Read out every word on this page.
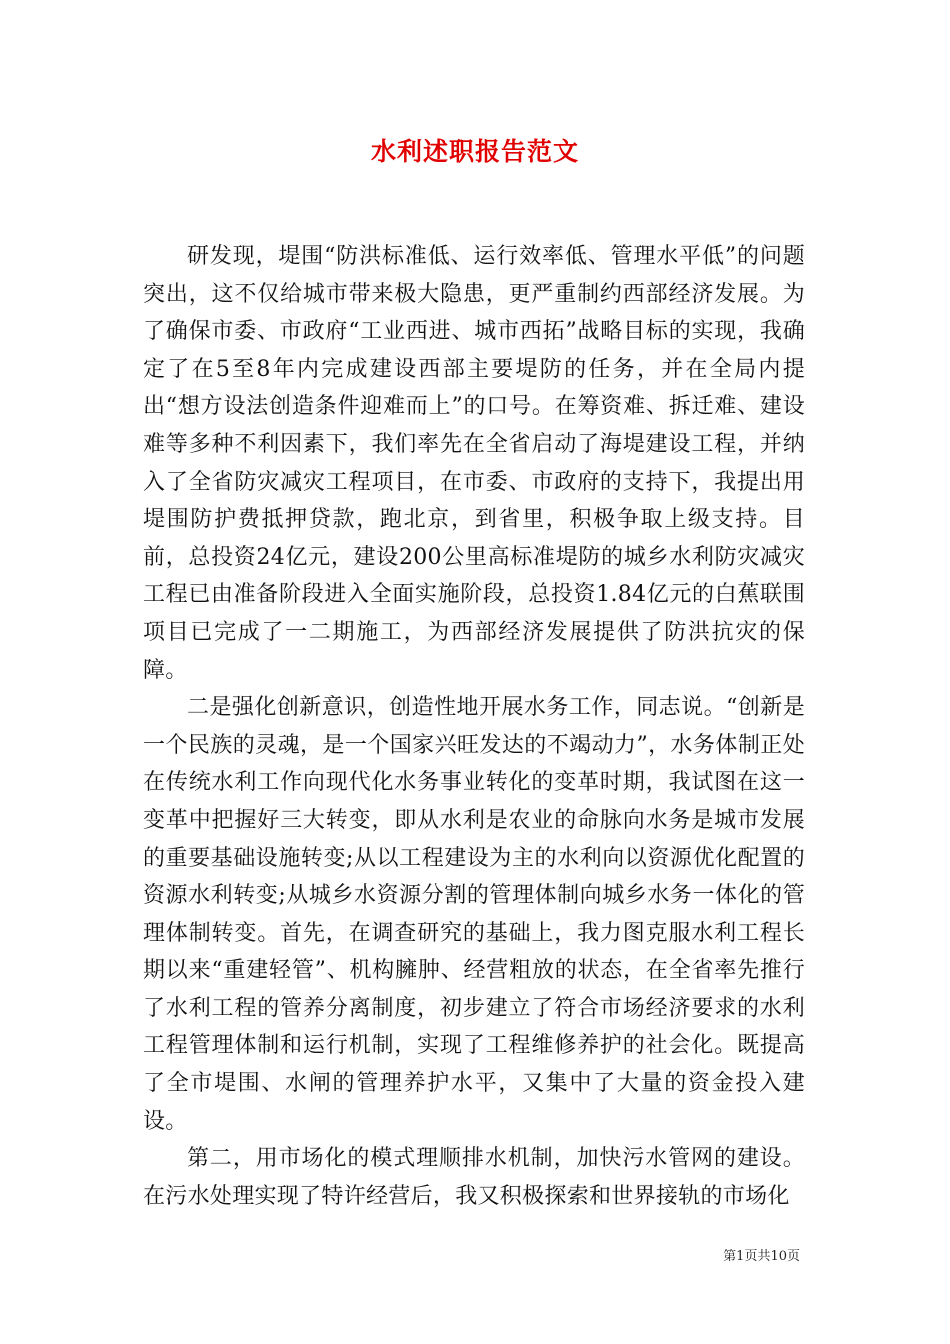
水利述职报告范文

研发现，堤围“防洪标准低、运行效率低、管理水平低”的问题突出，这不仅给城市带来极大隐患，更严重制约西部经济发展。为了确保市委、市政府“工业西进、城市西拓”战略目标的实现，我确定了在5至8年内完成建设西部主要堤防的任务，并在全局内提出“想方设法创造条件迎难而上”的口号。在筹资难、拆迁难、建设难等多种不利因素下，我们率先在全省启动了海堤建设工程，并纳入了全省防灾减灾工程项目，在市委、市政府的支持下，我提出用堤围防护费抵押贷款，跑北京，到省里，积极争取上级支持。目前，总投资24亿元，建设200公里高标准堤防的城乡水利防灾减灾工程已由准备阶段进入全面实施阶段，总投资1.84亿元的白蕉联围项目已完成了一二期施工，为西部经济发展提供了防洪抗灾的保障。

二是强化创新意识，创造性地开展水务工作，同志说。“创新是一个民族的灵魂，是一个国家兴旺发达的不竭动力”，水务体制正处在传统水利工作向现代化水务事业转化的变革时期，我试图在这一变革中把握好三大转变，即从水利是农业的命脉向水务是城市发展的重要基础设施转变;从以工程建设为主的水利向以资源优化配置的资源水利转变;从城乡水资源分割的管理体制向城乡水务一体化的管理体制转变。首先，在调查研究的基础上，我力图克服水利工程长期以来“重建轻管”、机构臃肿、经营粗放的状态，在全省率先推行了水利工程的管养分离制度，初步建立了符合市场经济要求的水利工程管理体制和运行机制，实现了工程维修养护的社会化。既提高了全市堤围、水闸的管理养护水平，又集中了大量的资金投入建设。

第二，用市场化的模式理顺排水机制，加快污水管网的建设。在污水处理实现了特许经营后，我又积极探索和世界接轨的市场化

第1页共10页
